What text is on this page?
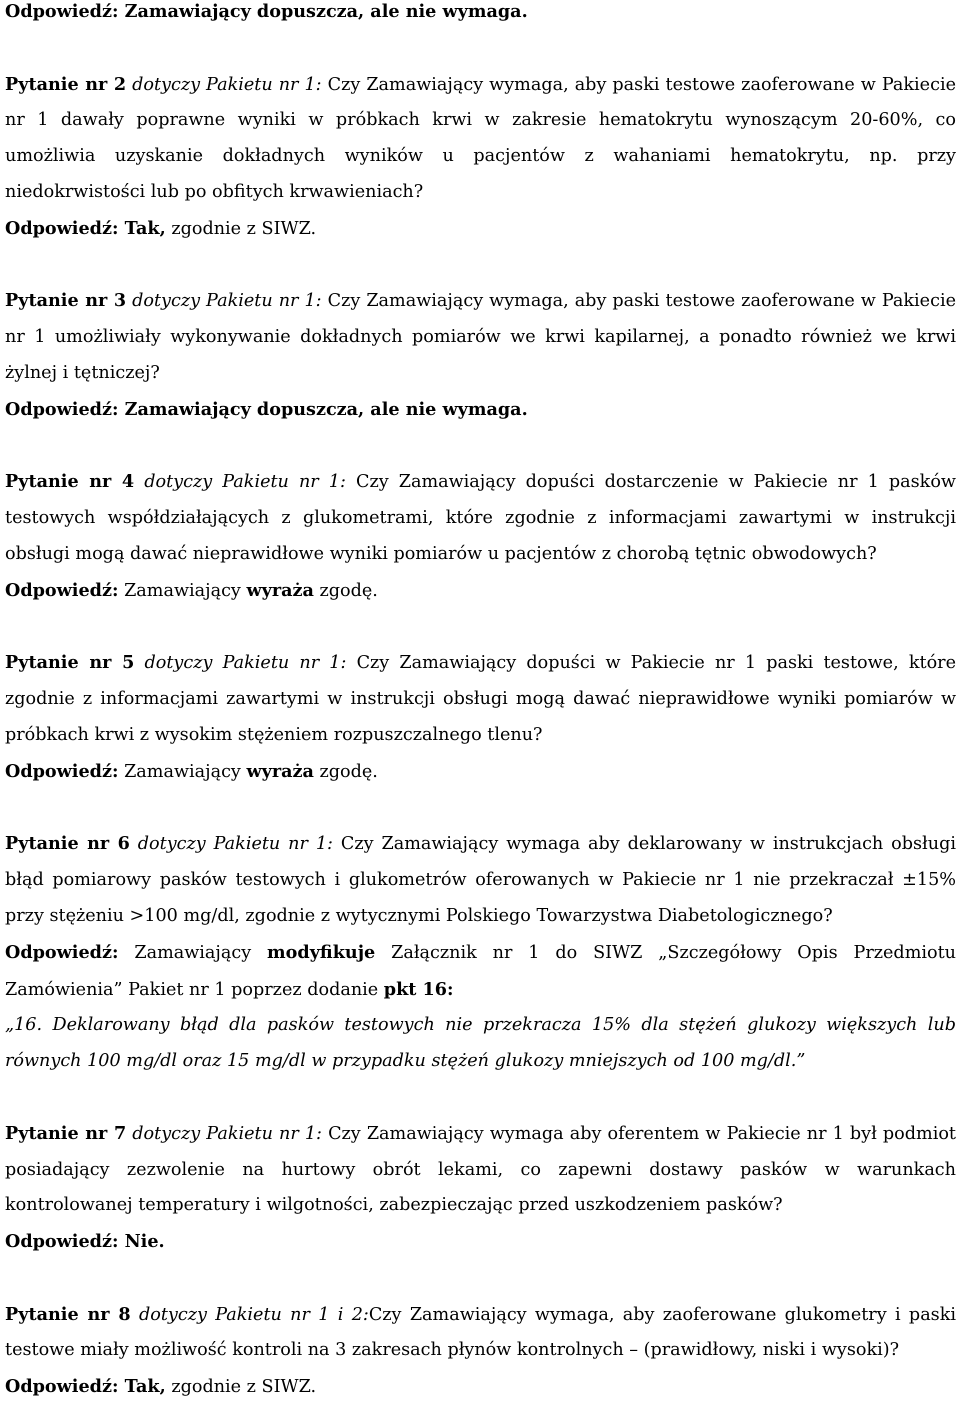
Odpowiedź: Zamawiający dopuszcza, ale nie wymaga.

Pytanie nr 2 dotyczy Pakietu nr 1: Czy Zamawiający wymaga, aby paski testowe zaoferowane w Pakiecie nr 1 dawały poprawne wyniki w próbkach krwi w zakresie hematokrytu wynoszącym 20-60%, co umożliwia uzyskanie dokładnych wyników u pacjentów z wahaniami hematokrytu, np. przy niedokrwistości lub po obfitych krwawieniach?

Odpowiedź: Tak, zgodnie z SIWZ.

Pytanie nr 3 dotyczy Pakietu nr 1: Czy Zamawiający wymaga, aby paski testowe zaoferowane w Pakiecie nr 1 umożliwiały wykonywanie dokładnych pomiarów we krwi kapilarnej, a ponadto również we krwi żylnej i tętniczej?

Odpowiedź: Zamawiający dopuszcza, ale nie wymaga.

Pytanie nr 4 dotyczy Pakietu nr 1: Czy Zamawiający dopuści dostarczenie w Pakiecie nr 1 pasków testowych współdziałających z glukometrami, które zgodnie z informacjami zawartymi w instrukcji obsługi mogą dawać nieprawidłowe wyniki pomiarów u pacjentów z chorobą tętnic obwodowych?

Odpowiedź: Zamawiający wyraża zgodę.

Pytanie nr 5 dotyczy Pakietu nr 1: Czy Zamawiający dopuści w Pakiecie nr 1 paski testowe, które zgodnie z informacjami zawartymi w instrukcji obsługi mogą dawać nieprawidłowe wyniki pomiarów w próbkach krwi z wysokim stężeniem rozpuszczalnego tlenu?

Odpowiedź: Zamawiający wyraża zgodę.

Pytanie nr 6 dotyczy Pakietu nr 1: Czy Zamawiający wymaga aby deklarowany w instrukcjach obsługi błąd pomiarowy pasków testowych i glukometrów oferowanych w Pakiecie nr 1 nie przekraczał ±15% przy stężeniu >100 mg/dl, zgodnie z wytycznymi Polskiego Towarzystwa Diabetologicznego?

Odpowiedź: Zamawiający modyfikuje Załącznik nr 1 do SIWZ „Szczegółowy Opis Przedmiotu Zamówienia” Pakiet nr 1 poprzez dodanie pkt 16:

„16. Deklarowany błąd dla pasków testowych nie przekracza 15% dla stężeń glukozy większych lub równych 100 mg/dl oraz 15 mg/dl w przypadku stężeń glukozy mniejszych od 100 mg/dl.”

Pytanie nr 7 dotyczy Pakietu nr 1: Czy Zamawiający wymaga aby oferentem w Pakiecie nr 1 był podmiot posiadający zezwolenie na hurtowy obrót lekami, co zapewni dostawy pasków w warunkach kontrolowanej temperatury i wilgotności, zabezpieczając przed uszkodzeniem pasków?

Odpowiedź: Nie.

Pytanie nr 8 dotyczy Pakietu nr 1 i 2:Czy Zamawiający wymaga, aby zaoferowane glukometry i paski testowe miały możliwość kontroli na 3 zakresach płynów kontrolnych – (prawidłowy, niski i wysoki)?

Odpowiedź: Tak, zgodnie z SIWZ.
